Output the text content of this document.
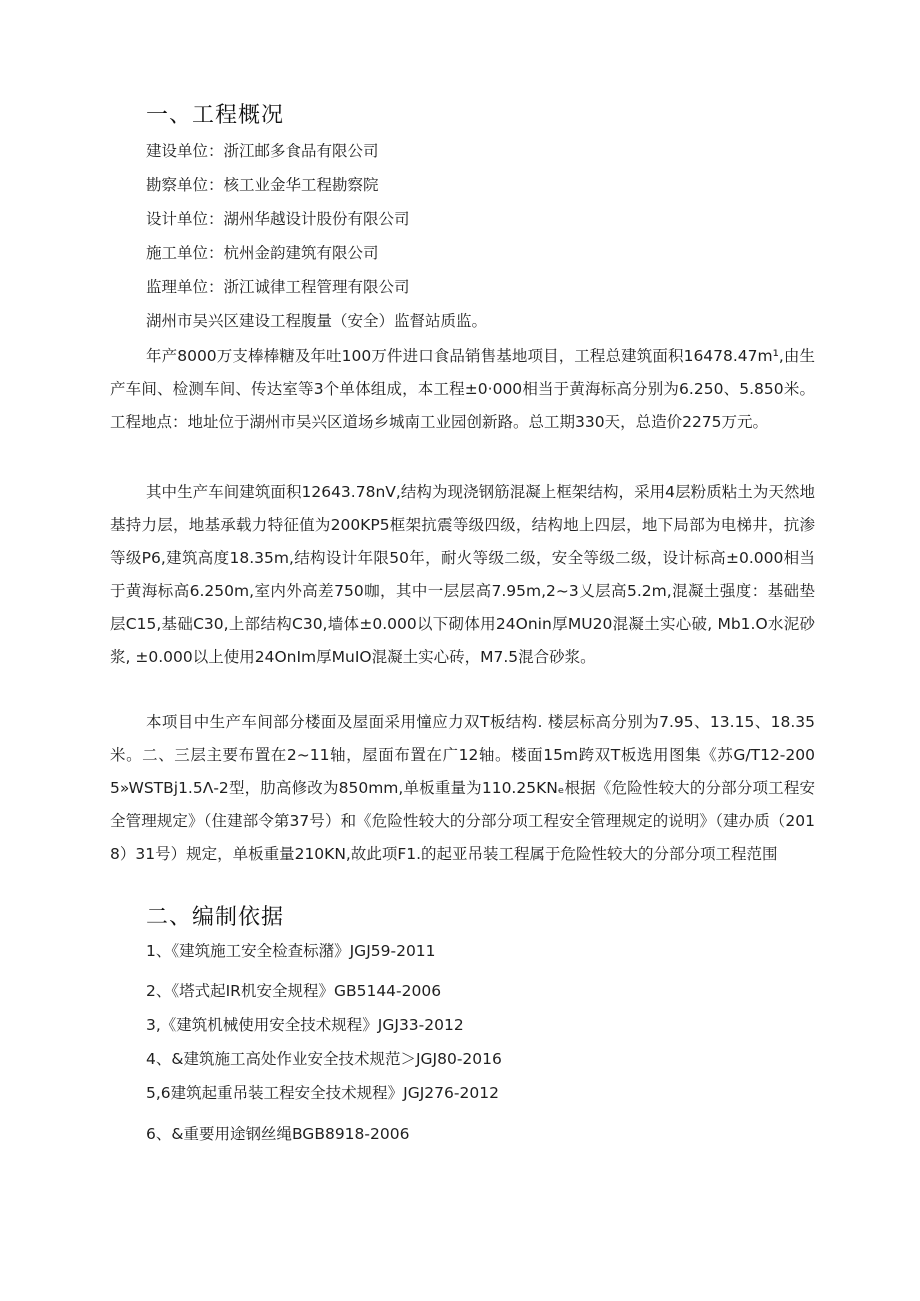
一、工程概况

建设单位：浙江邮多食品有限公司

勘察单位：核工业金华工程勘察院

设计单位：湖州华越设计股份有限公司

施工单位：杭州金韵建筑有限公司

监理单位：浙江诚律工程管理有限公司

湖州市吴兴区建设工程腹量（安全）监督站质监。

年产8000万支棒棒糖及年吐100万件进口食品销售基地项目，工程总建筑面积16478.47m¹,由生产车间、检测车间、传达室等3个单体组成，本工程±0·000相当于黄海标高分别为6.250、5.850米。工程地点：地址位于湖州市吴兴区道场乡城南工业园创新路。总工期330天，总造价2275万元。

其中生产车间建筑面积12643.78nV,结构为现浇钢筋混凝上框架结构，采用4层粉质粘土为天然地基持力层，地基承载力特征值为200KP5框架抗震等级四级，结构地上四层，地下局部为电梯井，抗渗等级P6,建筑高度18.35m,结构设计年限50年，耐火等级二级，安全等级二级，设计标高±0.000相当于黄海标高6.250m,室内外高差750咖，其中一层层高7.95m,2~3乂层高5.2m,混凝土强度：基础垫层C15,基础C30,上部结构C30,墙体±0.000以下砌体用24Onin厚MU20混凝土实心破, Mb1.O水泥砂浆, ±0.000以上使用24OnIm厚MuIO混凝土实心砖，M7.5混合砂浆。

本项目中生产车间部分楼面及屋面采用憧应力双T板结构. 楼层标高分别为7.95、13.15、18.35米。二、三层主要布置在2~11轴，屋面布置在广12轴。楼面15m跨双T板选用图集《苏G/T12-2005»WSTBj1.5Λ-2型，肋高修改为850mm,单板重量为110.25KNₑ根据《危险性较大的分部分项工程安全管理规定》（住建部令第37号）和《危险性较大的分部分项工程安全管理规定的说明》（建办质（2018）31号）规定，单板重量210KN,故此项F1.的起亚吊装工程属于危险性较大的分部分项工程范围

二、编制依据

1、《建筑施工安全检查标潴》JGJ59-2011

2、《塔式起IR机安全规程》GB5144-2006

3,《建筑机械使用安全技术规程》JGJ33-2012

4、&建筑施工高处作业安全技术规范＞JGJ80-2016

5,6建筑起重吊装工程安全技术规程》JGJ276-2012

6、&重要用途钢丝绳BGB8918-2006
